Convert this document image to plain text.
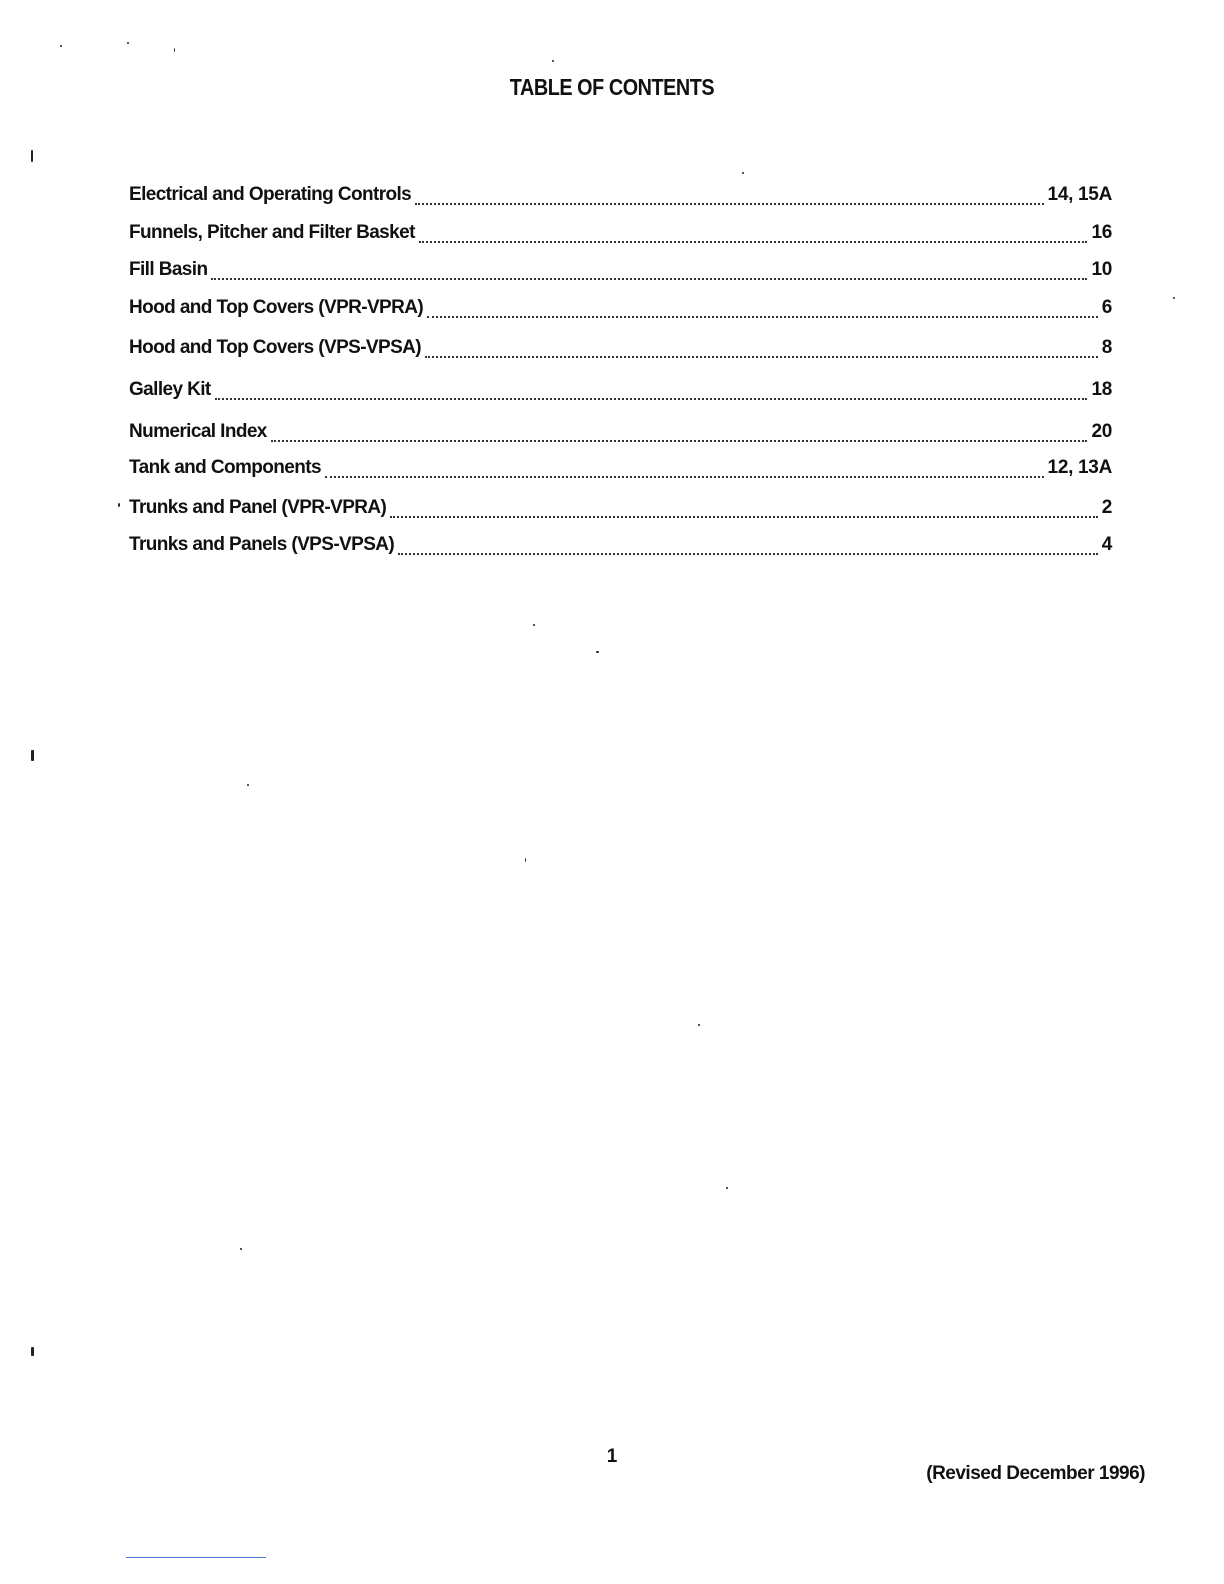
TABLE OF CONTENTS
Electrical and Operating Controls	14, 15A
Funnels, Pitcher and Filter Basket	16
Fill Basin	10
Hood and Top Covers (VPR-VPRA)	6
Hood and Top Covers (VPS-VPSA)	8
Galley Kit	18
Numerical Index	20
Tank and Components	12, 13A
Trunks and Panel (VPR-VPRA)	2
Trunks and Panels (VPS-VPSA)	4
1
(Revised December 1996)
